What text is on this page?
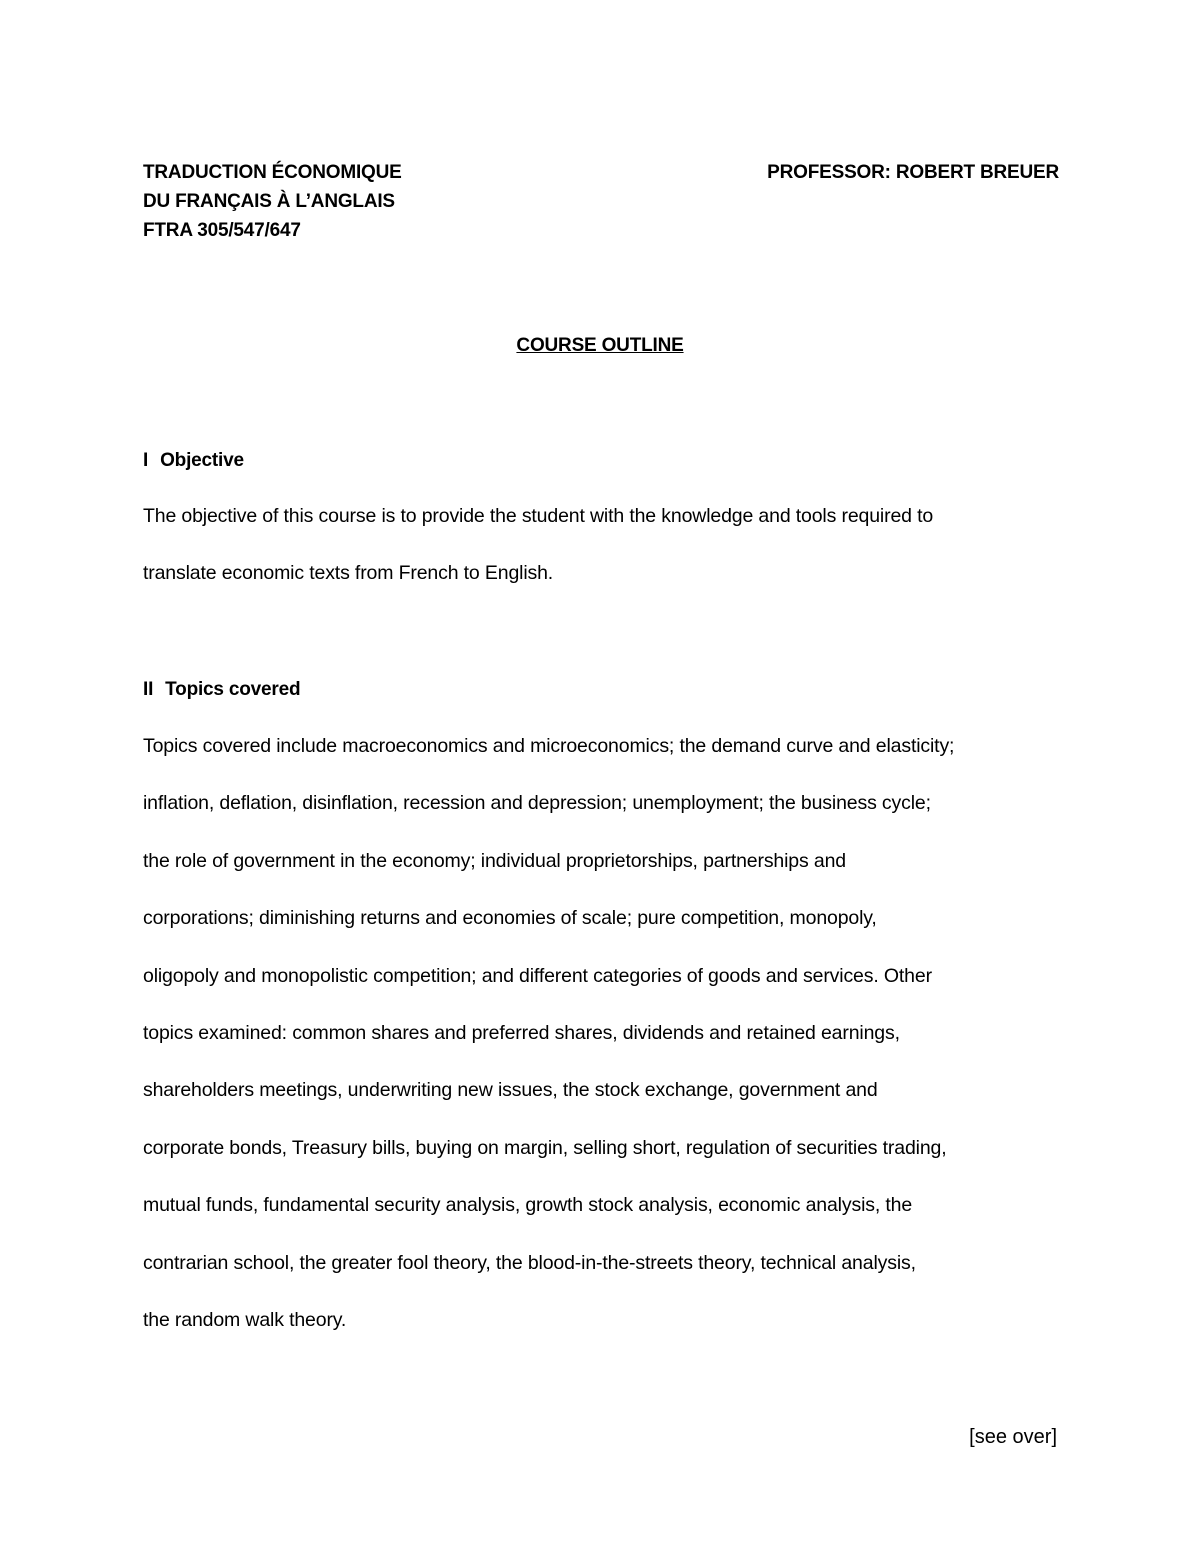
TRADUCTION ÉCONOMIQUE
DU FRANÇAIS À L’ANGLAIS
FTRA 305/547/647
PROFESSOR: ROBERT BREUER
COURSE OUTLINE
I Objective
The objective of this course is to provide the student with the knowledge and tools required to
translate economic texts from French to English.
II Topics covered
Topics covered include macroeconomics and microeconomics; the demand curve and elasticity;
inflation, deflation, disinflation, recession and depression; unemployment; the business cycle;
the role of government in the economy; individual proprietorships, partnerships and
corporations; diminishing returns and economies of scale; pure competition, monopoly,
oligopoly and monopolistic competition; and different categories of goods and services. Other
topics examined: common shares and preferred shares, dividends and retained earnings,
shareholders meetings, underwriting new issues, the stock exchange, government and
corporate bonds, Treasury bills, buying on margin, selling short, regulation of securities trading,
mutual funds, fundamental security analysis, growth stock analysis, economic analysis, the
contrarian school, the greater fool theory, the blood-in-the-streets theory, technical analysis,
the random walk theory.
[see over]
